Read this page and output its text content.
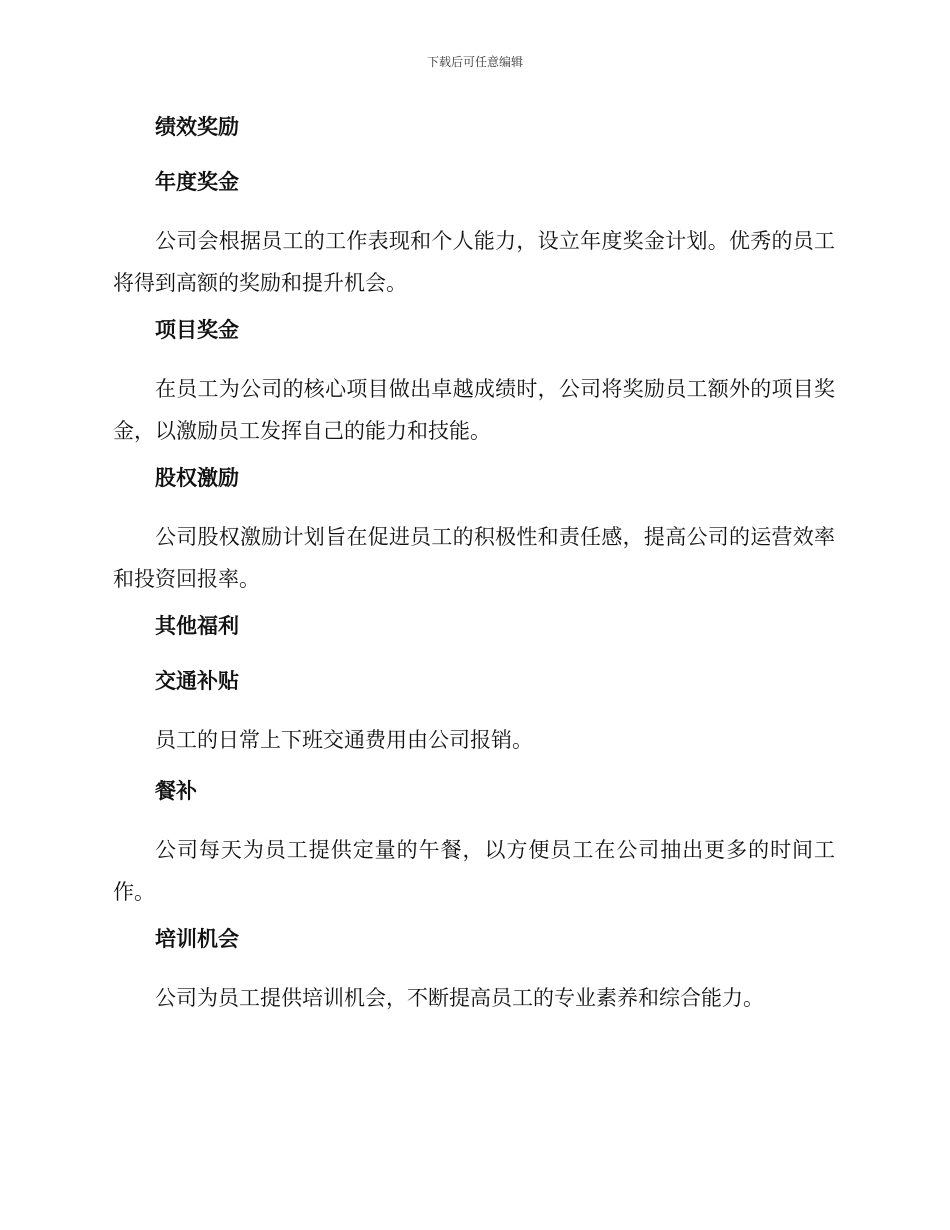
下载后可任意编辑
绩效奖励
年度奖金
公司会根据员工的工作表现和个人能力，设立年度奖金计划。优秀的员工将得到高额的奖励和提升机会。
项目奖金
在员工为公司的核心项目做出卓越成绩时，公司将奖励员工额外的项目奖金，以激励员工发挥自己的能力和技能。
股权激励
公司股权激励计划旨在促进员工的积极性和责任感，提高公司的运营效率和投资回报率。
其他福利
交通补贴
员工的日常上下班交通费用由公司报销。
餐补
公司每天为员工提供定量的午餐，以方便员工在公司抽出更多的时间工作。
培训机会
公司为员工提供培训机会，不断提高员工的专业素养和综合能力。
